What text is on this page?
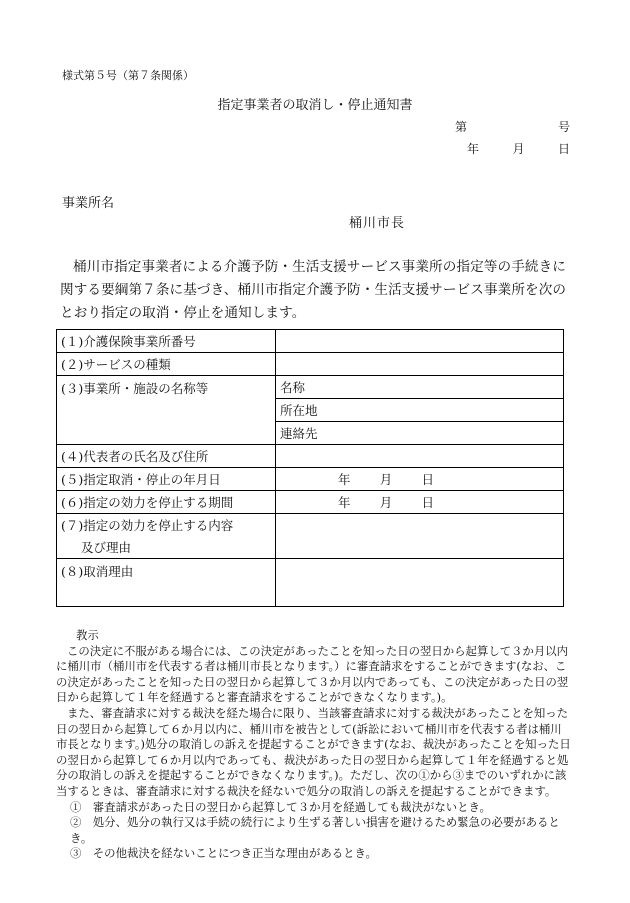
様式第５号（第７条関係）
指定事業者の取消し・停止通知書
第	号
年	月	日
事業所名
桶川市長

桶川市指定事業者による介護予防・生活支援サービス事業所の指定等の手続きに関する要綱第７条に基づき、桶川市指定介護予防・生活支援サービス事業所を次のとおり指定の取消・停止を通知します。

(１)介護保険事業所番号	
(２)サービスの種類	
(３)事業所・施設の名称等	名称
	所在地
	連絡先
(４)代表者の氏名及び住所	
(５)指定取消・停止の年月日	年 月 日

(６)指定の効力を停止する期間	年 月 日

(７)指定の効力を停止する内容	
及び理由	
(８)取消理由	
教示

この決定に不服がある場合には、この決定があったことを知った日の翌日から起算して３か月以内に桶川市（桶川市を代表する者は桶川市長となります。）に審査請求をすることができます(なお、この決定があったことを知った日の翌日から起算して３か月以内であっても、この決定があった日の翌日から起算して１年を経過すると審査請求をすることができなくなります。)。

また、審査請求に対する裁決を経た場合に限り、当該審査請求に対する裁決があったことを知った日の翌日から起算して６か月以内に、桶川市を被告として(訴訟において桶川市を代表する者は桶川市長となります。)処分の取消しの訴えを提起することができます(なお、裁決があったことを知った日の翌日から起算して６か月以内であっても、裁決があった日の翌日から起算して１年を経過すると処分の取消しの訴えを提起することができなくなります。)。ただし、次の①から③までのいずれかに該当するときは、審査請求に対する裁決を経ないで処分の取消しの訴えを提起することができます。

①　審査請求があった日の翌日から起算して３か月を経過しても裁決がないとき。

②　処分、処分の執行又は手続の続行により生ずる著しい損害を避けるため緊急の必要があるとき。

③　その他裁決を経ないことにつき正当な理由があるとき。
